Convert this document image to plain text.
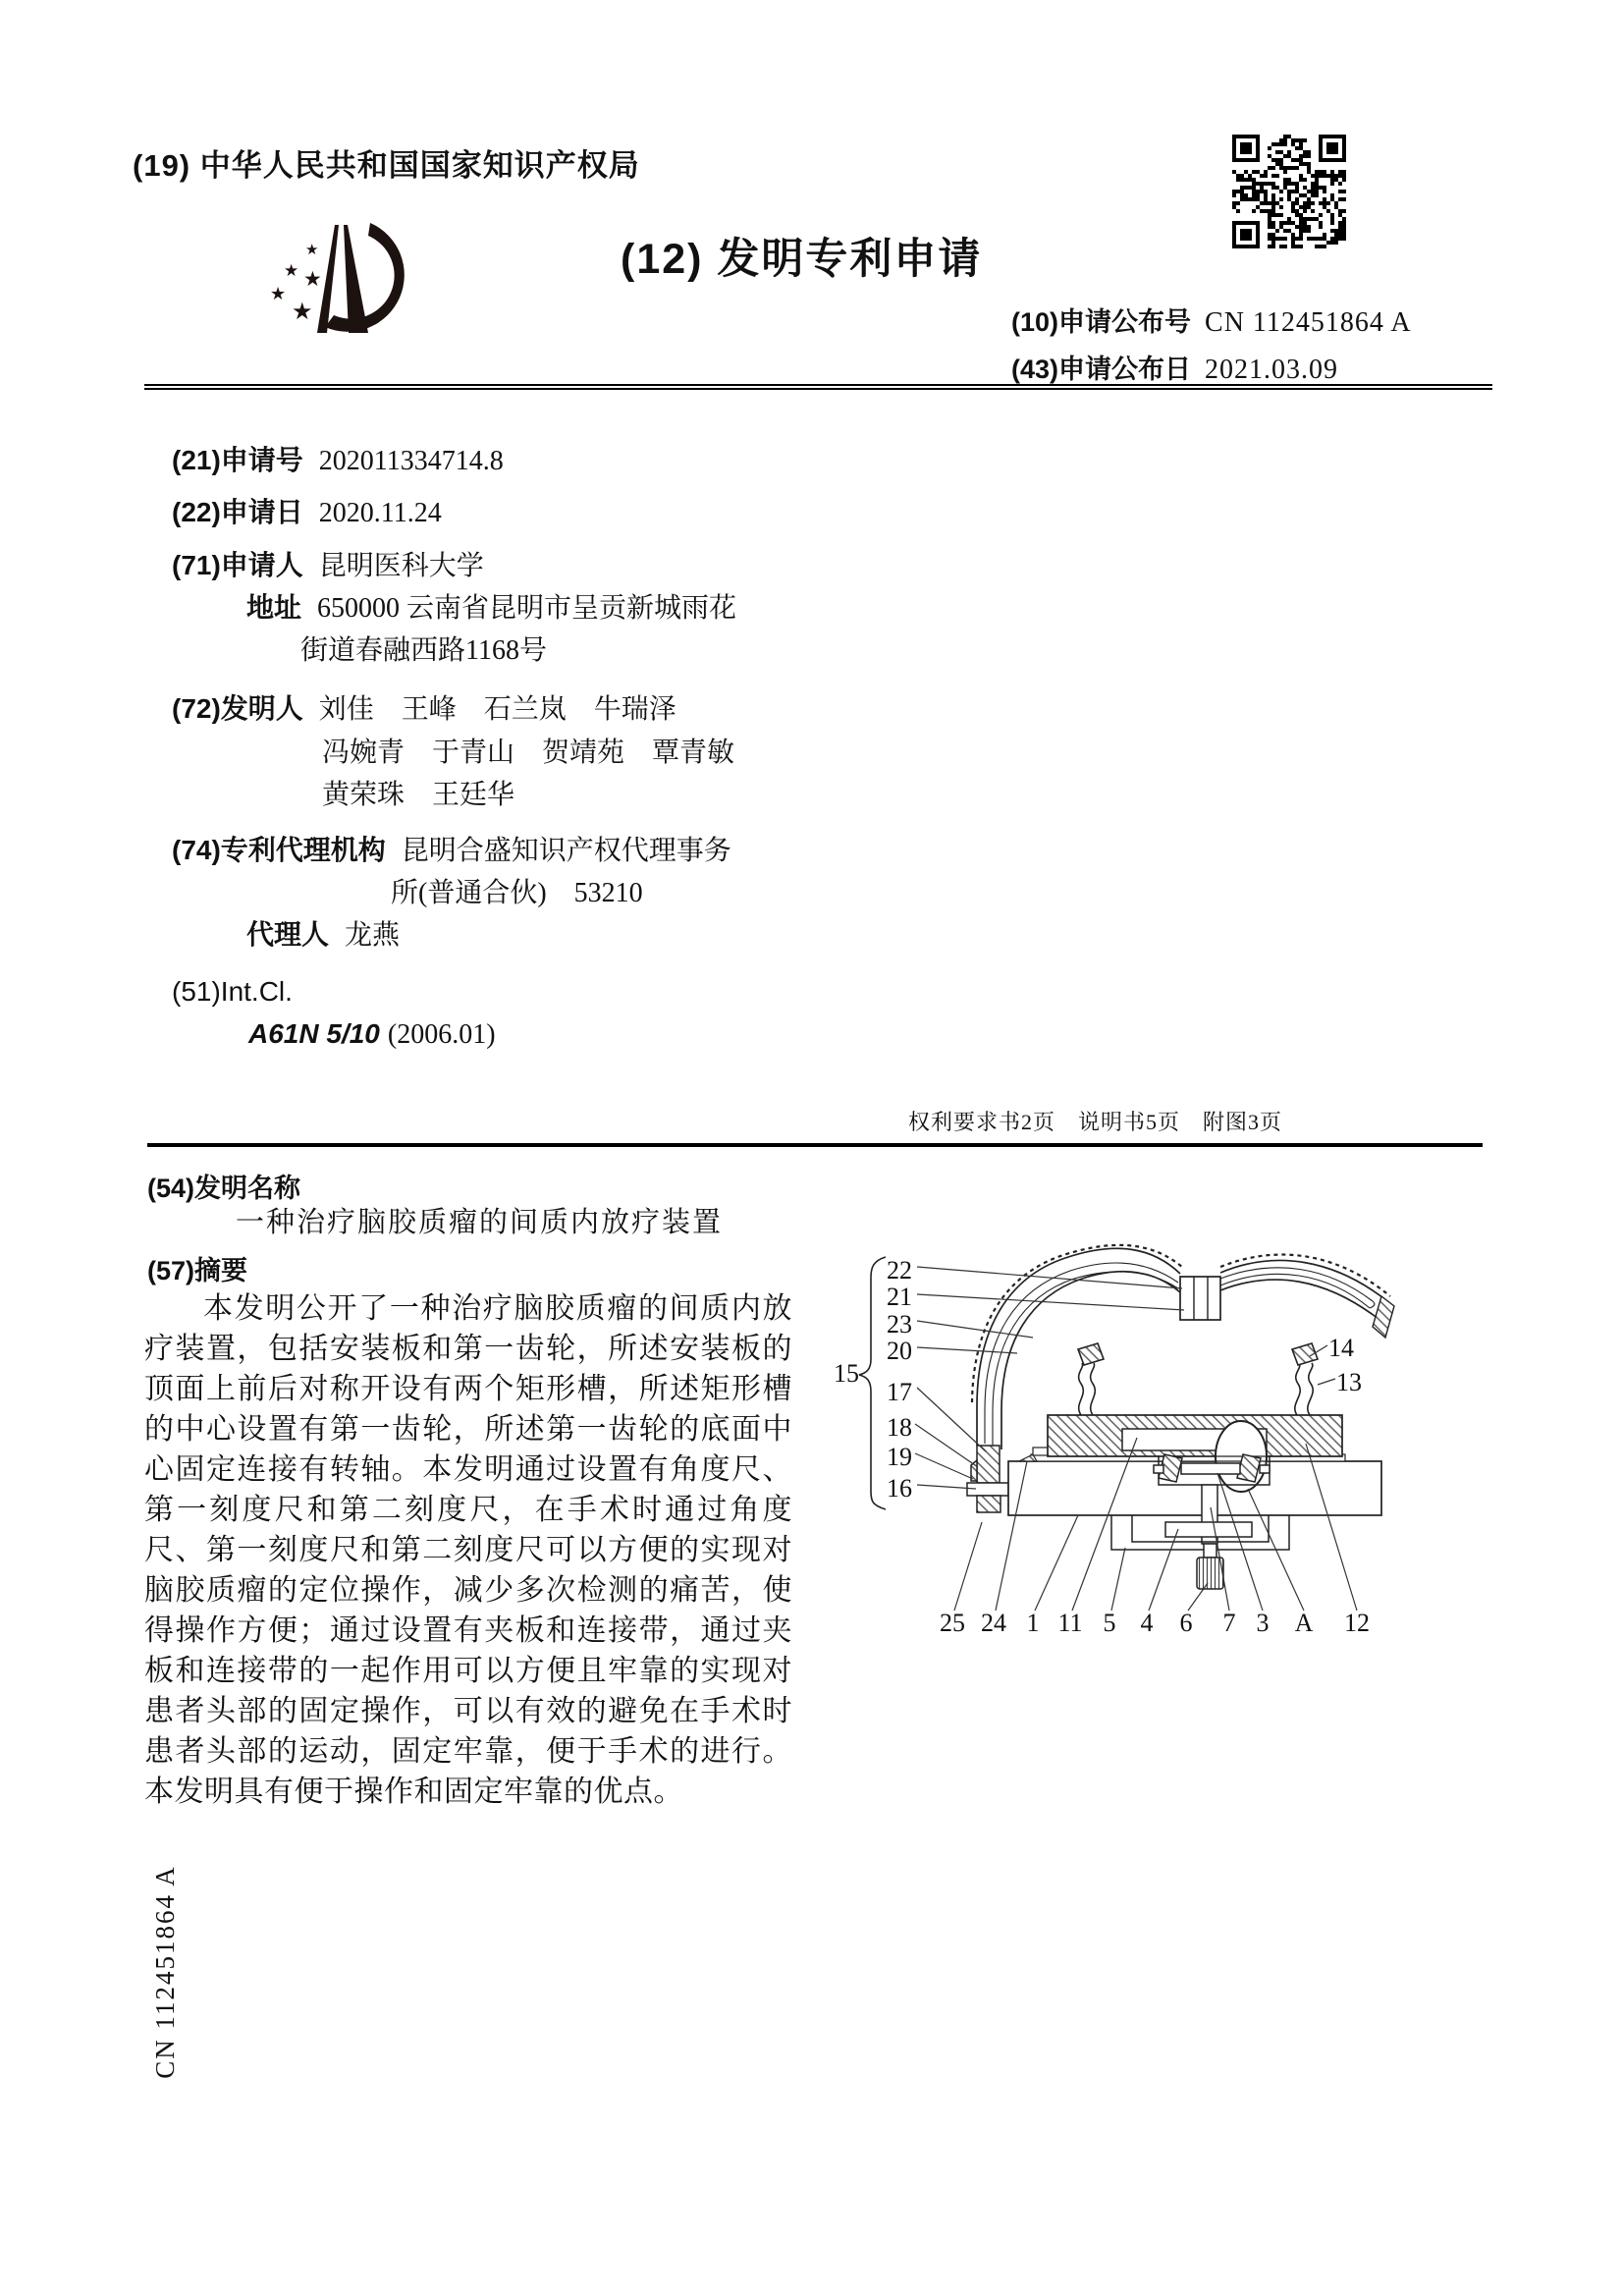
(19) 中华人民共和国国家知识产权局
★
★ ★
★
★
(12) 发明专利申请
(10)申请公布号 CN 112451864 A
(43)申请公布日 2021.03.09

(21)申请号 202011334714.8

(22)申请日 2020.11.24

(71)申请人 昆明医科大学

地址 650000 云南省昆明市呈贡新城雨花

街道春融西路1168号

(72)发明人 刘佳　王峰　石兰岚　牛瑞泽

冯婉青　于青山　贺靖苑　覃青敏

黄荣珠　王廷华

(74)专利代理机构 昆明合盛知识产权代理事务

所(普通合伙)　53210

代理人 龙燕

(51)Int.Cl.

A61N 5/10 (2006.01)

权利要求书2页　说明书5页　附图3页
(54)发明名称
一种治疗脑胶质瘤的间质内放疗装置
(57)摘要

本发明公开了一种治疗脑胶质瘤的间质内放疗装置，包括安装板和第一齿轮，所述安装板的顶面上前后对称开设有两个矩形槽，所述矩形槽的中心设置有第一齿轮，所述第一齿轮的底面中心固定连接有转轴。本发明通过设置有角度尺、第一刻度尺和第二刻度尺，在手术时通过角度尺、第一刻度尺和第二刻度尺可以方便的实现对脑胶质瘤的定位操作，减少多次检测的痛苦，使得操作方便；通过设置有夹板和连接带，通过夹板和连接带的一起作用可以方便且牢靠的实现对患者头部的固定操作，可以有效的避免在手术时患者头部的运动，固定牢靠，便于手术的进行。本发明具有便于操作和固定牢靠的优点。

22
21
23
20
15
17
18
19
16
14
13
25 24 1 11 5 4 6 7 3 A 12
CN 112451864 A
